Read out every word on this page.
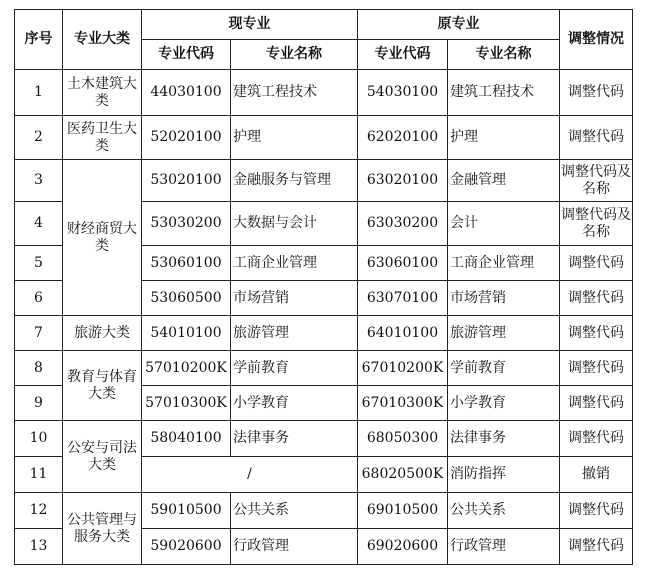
序号	专业大类	现专业		原专业		调整情况
		专业代码	专业名称	专业代码	专业名称	
1	土木建筑大类	44030100	建筑工程技术	54030100	建筑工程技术	调整代码
2	医药卫生大类	52020100	护理	62020100	护理	调整代码
3	财经商贸大类	53020100	金融服务与管理	63020100	金融管理	调整代码及名称
4		53030200	大数据与会计	63030200	会计	调整代码及名称
5		53060100	工商企业管理	63060100	工商企业管理	调整代码
6		53060500	市场营销	63070100	市场营销	调整代码
7	旅游大类	54010100	旅游管理	64010100	旅游管理	调整代码
8	教育与体育大类	57010200K	学前教育	67010200K	学前教育	调整代码
9		57010300K	小学教育	67010300K	小学教育	调整代码
10	公安与司法大类	58040100	法律事务	68050300	法律事务	调整代码
11		/		68020500K	消防指挥	撤销
12	公共管理与服务大类	59010500	公共关系	69010500	公共关系	调整代码
13		59020600	行政管理	69020600	行政管理	调整代码
